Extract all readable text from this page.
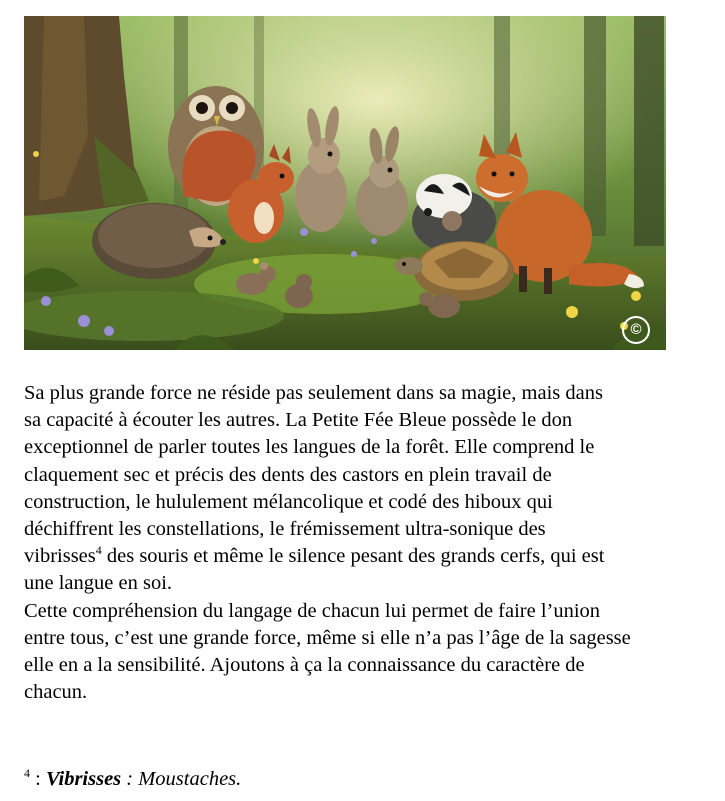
©

Sa plus grande force ne réside pas seulement dans sa magie, mais dans
sa capacité à écouter les autres. La Petite Fée Bleue possède le don
exceptionnel de parler toutes les langues de la forêt. Elle comprend le
claquement sec et précis des dents des castors en plein travail de
construction, le hululement mélancolique et codé des hiboux qui
déchiffrent les constellations, le frémissement ultra-sonique des
vibrisses$^4$ des souris et même le silence pesant des grands cerfs, qui est
une langue en soi.
Cette compréhension du langage de chacun lui permet de faire l’union
entre tous, c’est une grande force, même si elle n’a pas l’âge de la sagesse
elle en a la sensibilité. Ajoutons à ça la connaissance du caractère de
chacun.

$^4$ : Vibrisses : Moustaches.
